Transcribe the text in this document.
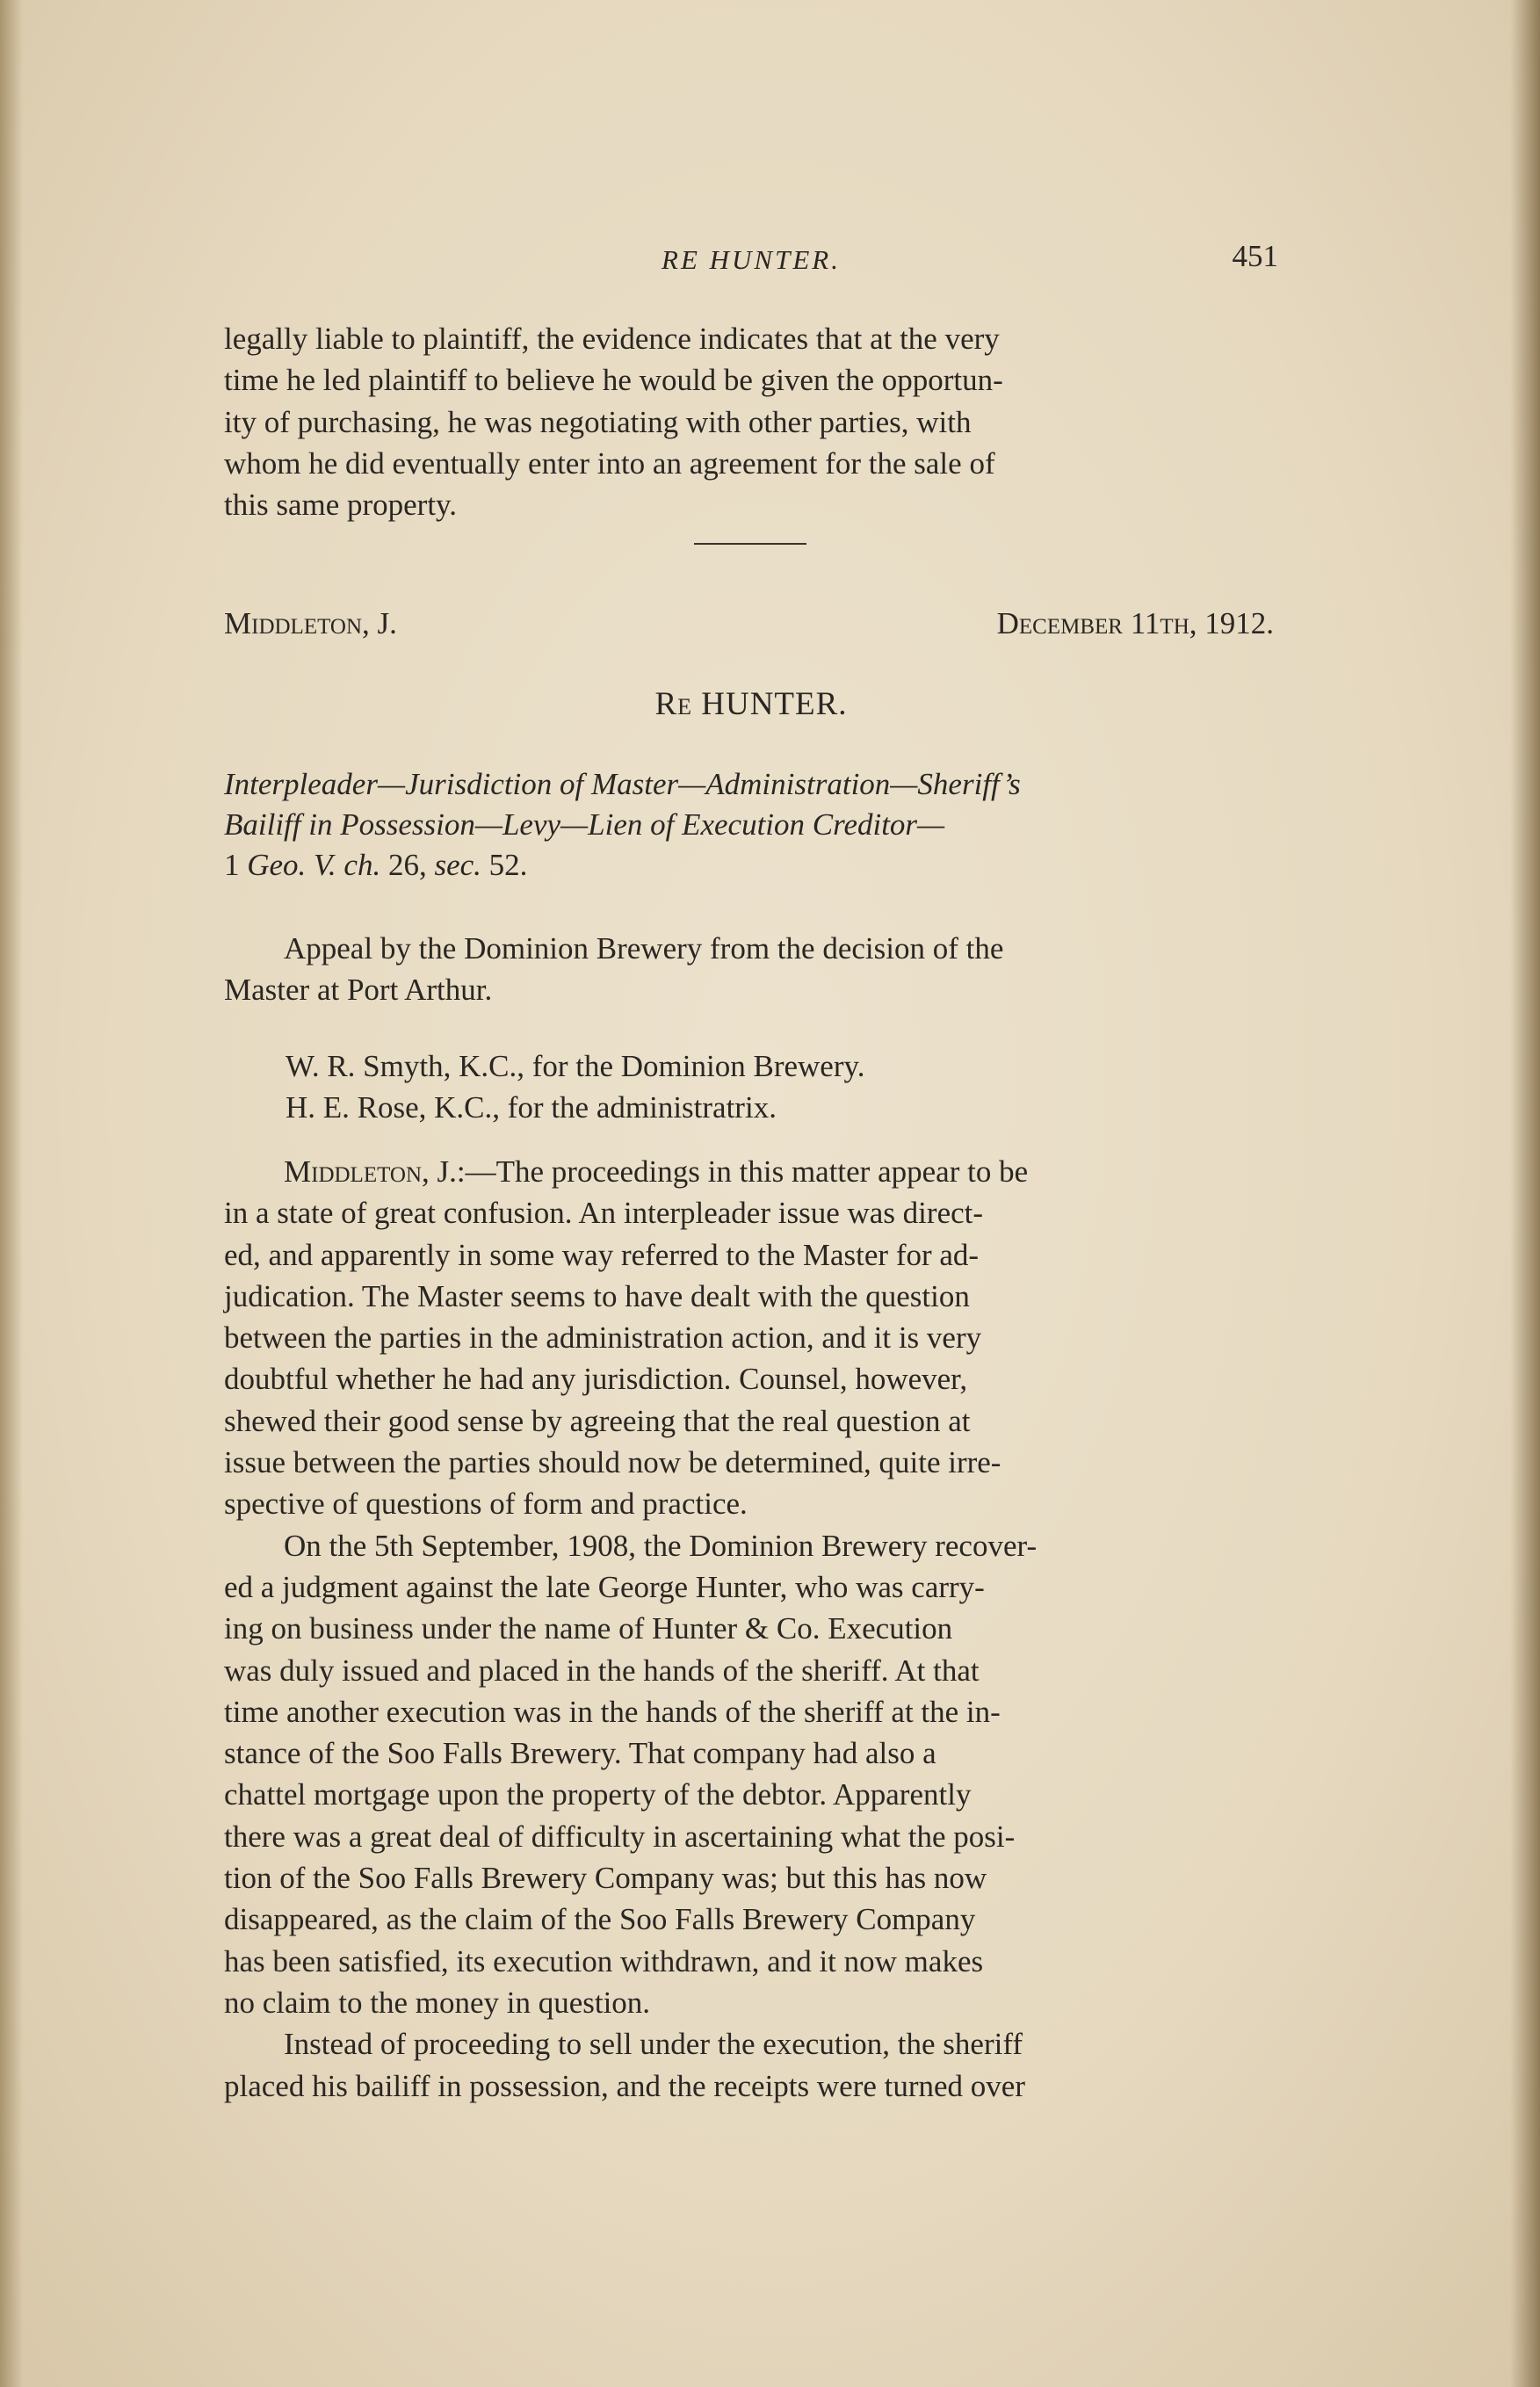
RE HUNTER.	451
legally liable to plaintiff, the evidence indicates that at the very
time he led plaintiff to believe he would be given the opportun-
ity of purchasing, he was negotiating with other parties, with
whom he did eventually enter into an agreement for the sale of
this same property.
Middleton, J.	December 11th, 1912.
Re HUNTER.
Interpleader—Jurisdiction of Master—Administration—Sheriff’s
Bailiff in Possession—Levy—Lien of Execution Creditor—
1 Geo. V. ch. 26, sec. 52.
Appeal by the Dominion Brewery from the decision of the
Master at Port Arthur.
W. R. Smyth, K.C., for the Dominion Brewery.
H. E. Rose, K.C., for the administratrix.
Middleton, J.:—The proceedings in this matter appear to be
in a state of great confusion. An interpleader issue was direct-
ed, and apparently in some way referred to the Master for ad-
judication. The Master seems to have dealt with the question
between the parties in the administration action, and it is very
doubtful whether he had any jurisdiction. Counsel, however,
shewed their good sense by agreeing that the real question at
issue between the parties should now be determined, quite irre-
spective of questions of form and practice.
On the 5th September, 1908, the Dominion Brewery recover-
ed a judgment against the late George Hunter, who was carry-
ing on business under the name of Hunter & Co. Execution
was duly issued and placed in the hands of the sheriff. At that
time another execution was in the hands of the sheriff at the in-
stance of the Soo Falls Brewery. That company had also a
chattel mortgage upon the property of the debtor. Apparently
there was a great deal of difficulty in ascertaining what the posi-
tion of the Soo Falls Brewery Company was; but this has now
disappeared, as the claim of the Soo Falls Brewery Company
has been satisfied, its execution withdrawn, and it now makes
no claim to the money in question.
Instead of proceeding to sell under the execution, the sheriff
placed his bailiff in possession, and the receipts were turned over
